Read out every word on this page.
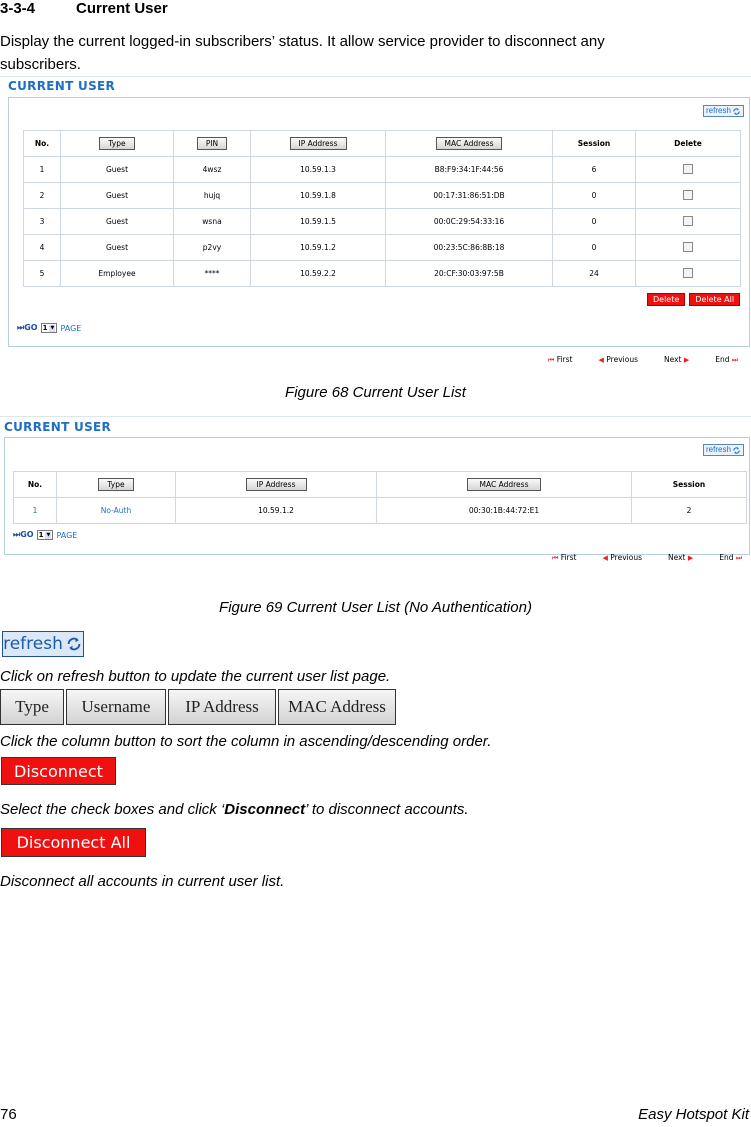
3-3-4	Current User
Display the current logged-in subscribers’ status. It allow service provider to disconnect any
subscribers.
CURRENT USER
refresh
No.	Type	PIN	IP Address	MAC Address	Session	Delete
1	Guest	4wsz	10.59.1.3	B8:F9:34:1F:44:56	6	
2	Guest	hujq	10.59.1.8	00:17:31:86:51:DB	0	
3	Guest	wsna	10.59.1.5	00:0C:29:54:33:16	0	
4	Guest	p2vy	10.59.1.2	00:23:5C:86:8B:18	0	
5	Employee	****	10.59.2.2	20:CF:30:03:97:5B	24	
Delete	Delete All
⏭GO 1 ▼ PAGE
⏮ First	◀ Previous	Next ▶	End ⏭
Figure 68 Current User List
CURRENT USER
refresh
No.	Type	IP Address	MAC Address	Session
1	No-Auth	10.59.1.2	00:30:1B:44:72:E1	2
⏭GO 1 ▼ PAGE
⏮ First	◀ Previous	Next ▶	End ⏭
Figure 69 Current User List (No Authentication)
refresh
Click on refresh button to update the current user list page.
Type	Username	IP Address	MAC Address
Click the column button to sort the column in ascending/descending order.
Disconnect
Select the check boxes and click ‘Disconnect’ to disconnect accounts.
Disconnect All
Disconnect all accounts in current user list.
76	Easy Hotspot Kit
